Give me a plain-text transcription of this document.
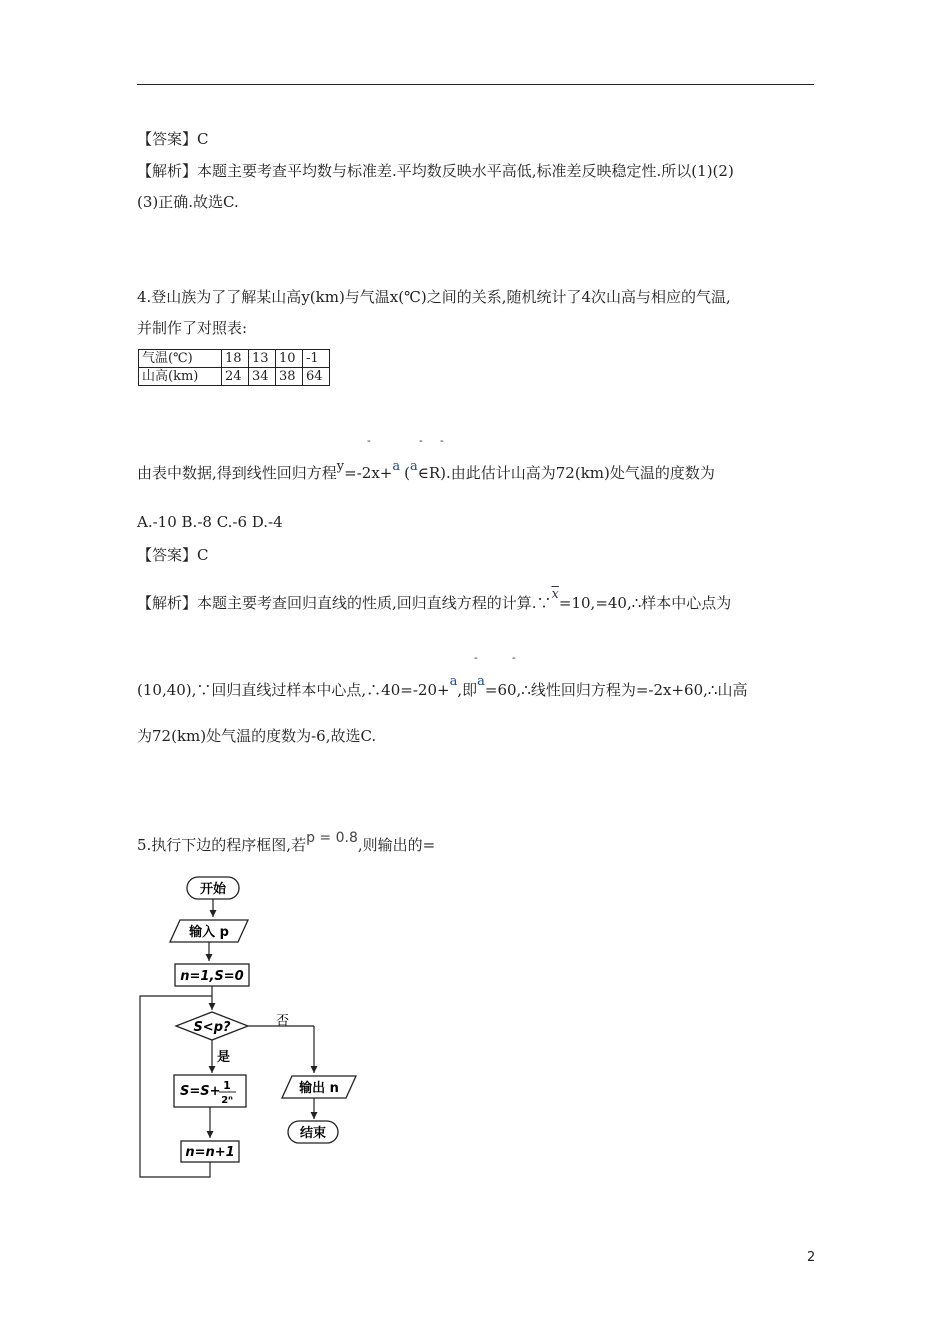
【答案】C
【解析】本题主要考查平均数与标准差.平均数反映水平高低,标准差反映稳定性.所以(1)(2)
(3)正确.故选C.
4.登山族为了了解某山高y(km)与气温x(℃)之间的关系,随机统计了4次山高与相应的气温,
并制作了对照表:
气温(℃)	18	13	10	-1
山高(km)	24	34	38	64
-	- -
由表中数据,得到线性回归方程y=-2x+a (a∈R).由此估计山高为72(km)处气温的度数为
A.-10 B.-8 C.-6 D.-4
【答案】C
【解析】本题主要考查回归直线的性质,回归直线方程的计算$.\because\overline{x}=10,=40,\therefore$样本中心点为
-	-
(10,40),∵回归直线过样本中心点,∴40=-20+a,即a=60,∴线性回归方程为=-2x+60,∴山高
为72(km)处气温的度数为-6,故选C.
5.执行下边的程序框图,若p = 0.8,则输出的=
开始
输入 p
n=1,S=0
S<p?	否
是
S=S+ 1
2ⁿ
n=n+1
输出 n
结束
2
